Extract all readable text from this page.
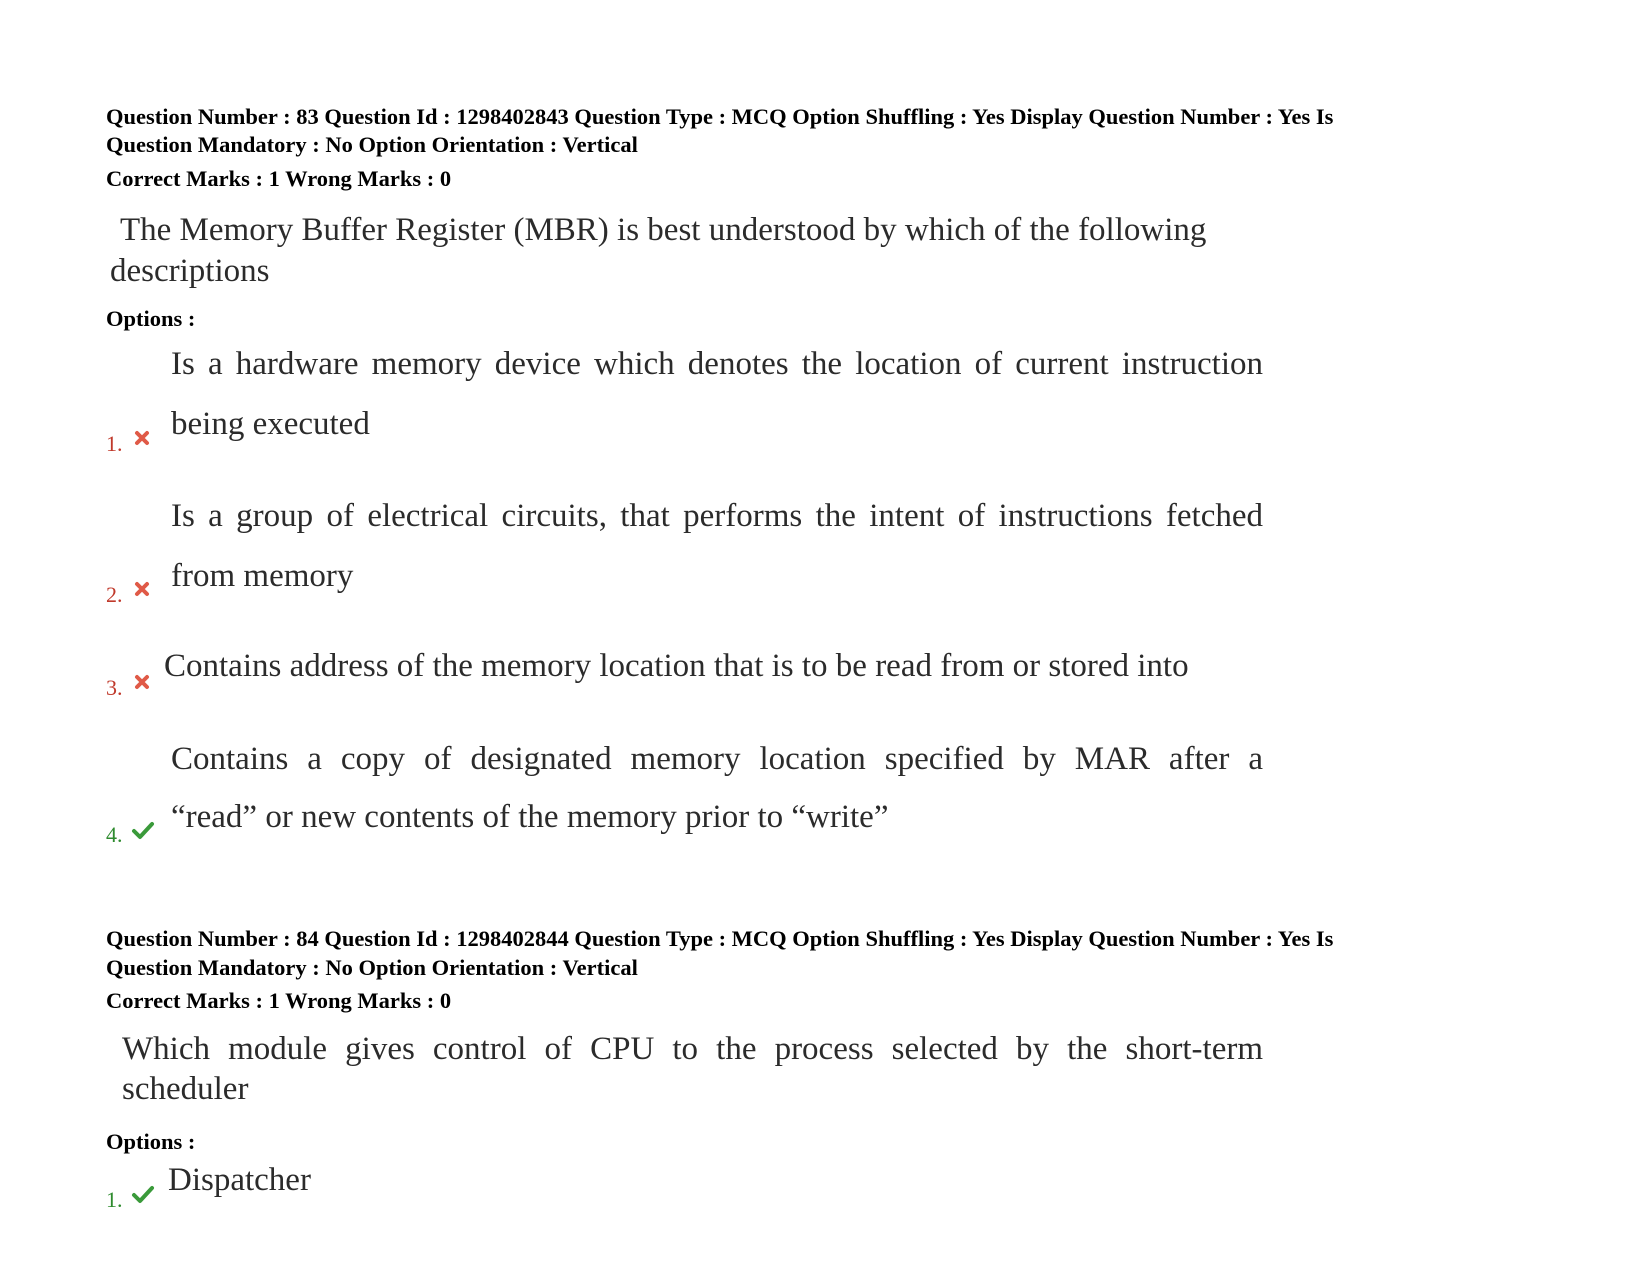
Question Number : 83 Question Id : 1298402843 Question Type : MCQ Option Shuffling : Yes Display Question Number : Yes Is
Question Mandatory : No Option Orientation : Vertical
Correct Marks : 1 Wrong Marks : 0
The Memory Buffer Register (MBR) is best understood by which of the following
descriptions
Options :
1.
Is a hardware memory device which denotes the location of current instruction
being executed
2.
Is a group of electrical circuits, that performs the intent of instructions fetched
from memory
3.
Contains address of the memory location that is to be read from or stored into
4.
Contains a copy of designated memory location specified by MAR after a
“read” or new contents of the memory prior to “write”
Question Number : 84 Question Id : 1298402844 Question Type : MCQ Option Shuffling : Yes Display Question Number : Yes Is
Question Mandatory : No Option Orientation : Vertical
Correct Marks : 1 Wrong Marks : 0
Which module gives control of CPU to the process selected by the short-term
scheduler
Options :
1.
Dispatcher
